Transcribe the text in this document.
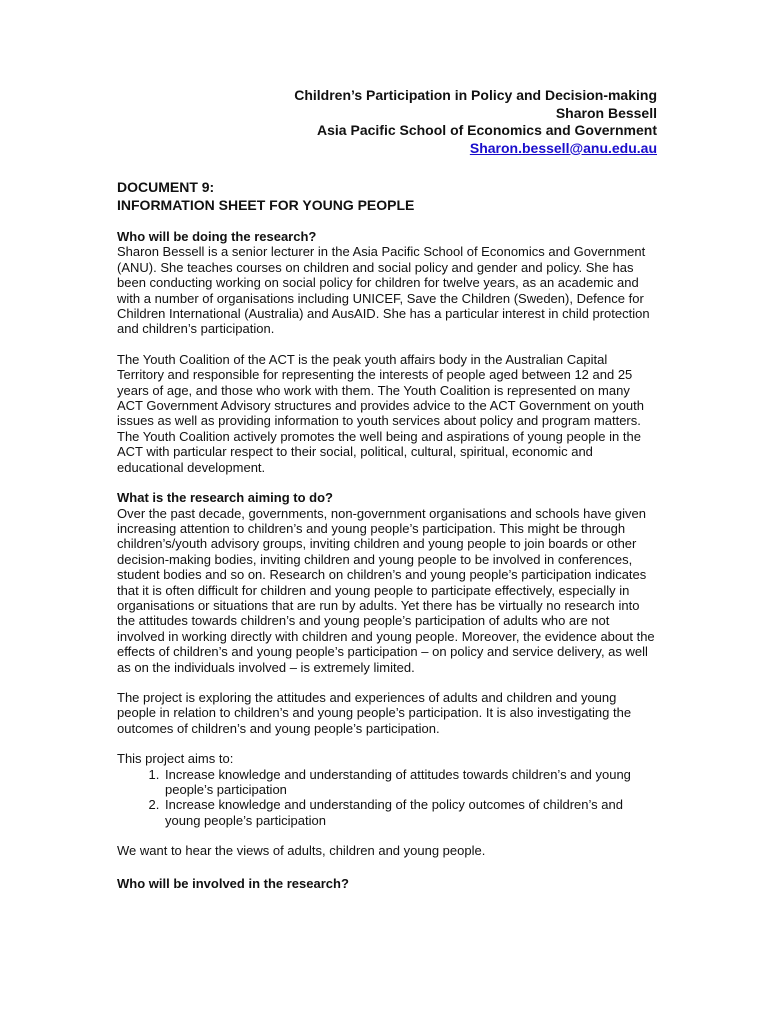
Children’s Participation in Policy and Decision-making
Sharon Bessell
Asia Pacific School of Economics and Government
Sharon.bessell@anu.edu.au
DOCUMENT 9:
INFORMATION SHEET FOR YOUNG PEOPLE
Who will be doing the research?

Sharon Bessell is a senior lecturer in the Asia Pacific School of Economics and Government (ANU). She teaches courses on children and social policy and gender and policy. She has been conducting working on social policy for children for twelve years, as an academic and with a number of organisations including UNICEF, Save the Children (Sweden), Defence for Children International (Australia) and AusAID. She has a particular interest in child protection and children’s participation.

The Youth Coalition of the ACT is the peak youth affairs body in the Australian Capital Territory and responsible for representing the interests of people aged between 12 and 25 years of age, and those who work with them. The Youth Coalition is represented on many ACT Government Advisory structures and provides advice to the ACT Government on youth issues as well as providing information to youth services about policy and program matters. The Youth Coalition actively promotes the well being and aspirations of young people in the ACT with particular respect to their social, political, cultural, spiritual, economic and educational development.

What is the research aiming to do?

Over the past decade, governments, non-government organisations and schools have given increasing attention to children’s and young people’s participation. This might be through children’s/youth advisory groups, inviting children and young people to join boards or other decision-making bodies, inviting children and young people to be involved in conferences, student bodies and so on. Research on children’s and young people’s participation indicates that it is often difficult for children and young people to participate effectively, especially in organisations or situations that are run by adults. Yet there has be virtually no research into the attitudes towards children’s and young people’s participation of adults who are not involved in working directly with children and young people. Moreover, the evidence about the effects of children’s and young people’s participation – on policy and service delivery, as well as on the individuals involved – is extremely limited.

The project is exploring the attitudes and experiences of adults and children and young people in relation to children’s and young people’s participation. It is also investigating the outcomes of children’s and young people’s participation.

This project aims to:

1. Increase knowledge and understanding of attitudes towards children’s and young people’s participation
2. Increase knowledge and understanding of the policy outcomes of children’s and young people’s participation

We want to hear the views of adults, children and young people.

Who will be involved in the research?
